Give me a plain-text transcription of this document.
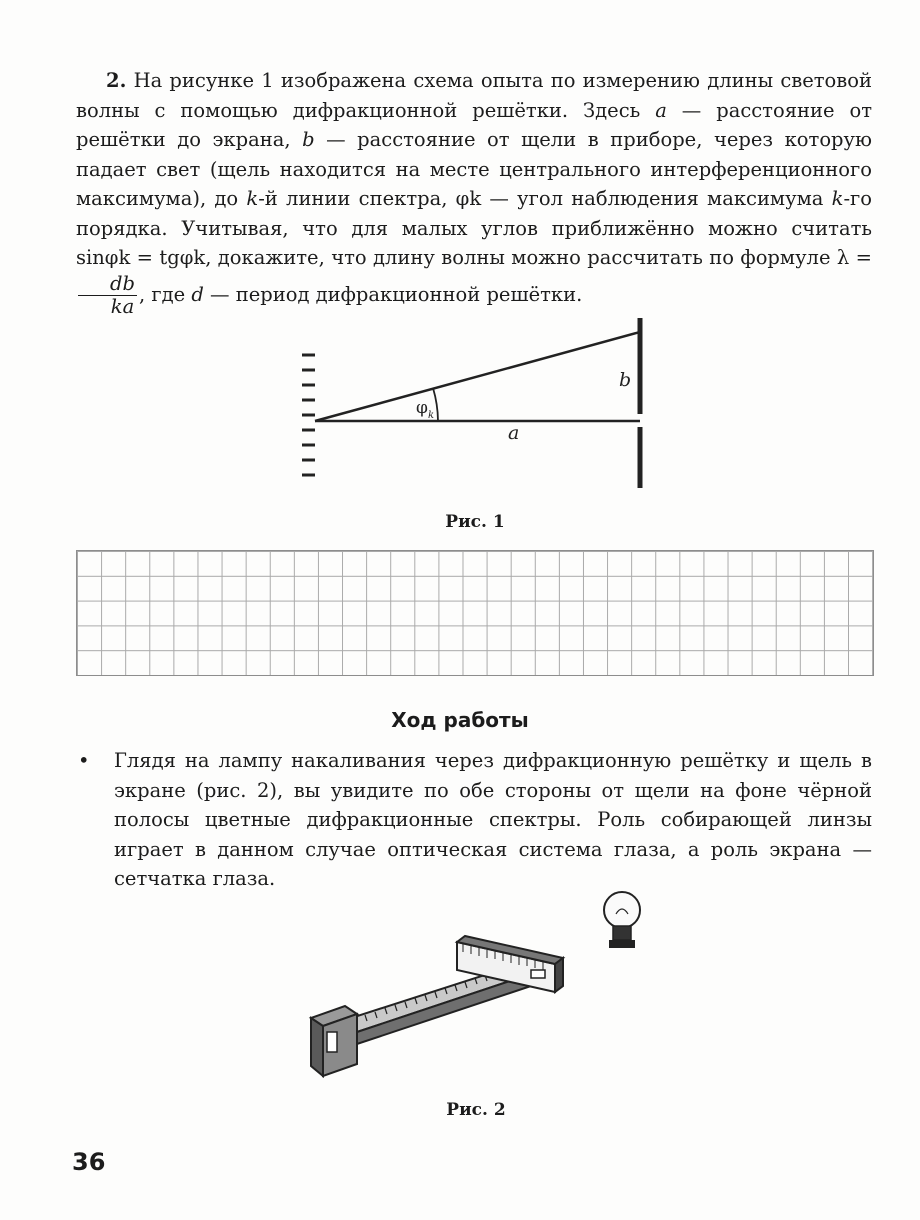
2. На рисунке 1 изображена схема опыта по измерению длины световой волны с помощью дифракционной решётки. Здесь a — расстояние от решётки до экрана, b — расстояние от щели в приборе, через которую падает свет (щель находится на месте центрального интерференционного максимума), до k-й линии спектра, φk — угол наблюдения максимума k-го порядка. Учитывая, что для малых углов приближённо можно считать sinφk = tgφk, докажите, что длину волны можно рассчитать по формуле λ =
$\frac{db}{ka}$ , где d — период дифракционной решётки.

b
a
φ k
Рис. 1
Ход работы
• Глядя на лампу накаливания через дифракционную решётку и щель в экране (рис. 2), вы увидите по обе стороны от щели на фоне чёрной полосы цветные дифракционные спектры. Роль собирающей линзы играет в данном случае оптическая система глаза, а роль экрана — сетчатка глаза.
Рис. 2
36
